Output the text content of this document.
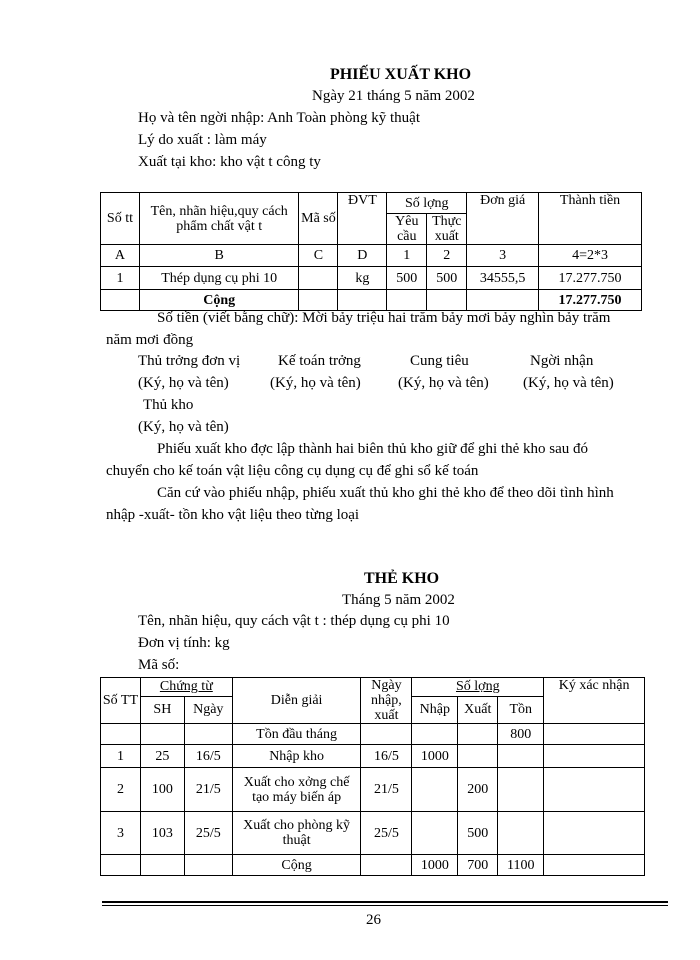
PHIẾU XUẤT KHO
Ngày 21 tháng 5 năm 2002
Họ và tên ngời nhập: Anh Toàn phòng kỹ thuật
Lý do xuất : làm máy
Xuất tại kho: kho vật t công ty
Số tt	Tên, nhãn hiệu,quy cách phẩm chất vật t	Mã số	ĐVT	Số lợng		Đơn giá	Thành tiền
				Yêu cầu	Thực xuất		
A	B	C	D	1	2	3	4=2*3
1	Thép dụng cụ phi 10		kg	500	500	34555,5	17.277.750
	Cộng						17.277.750
Số tiền (viết bằng chữ): Mời bảy triệu hai trăm bảy mơi bảy nghìn bảy trăm
năm mơi đồng
Thủ trởng đơn vị	Kế toán trởng	Cung tiêu	Ngời nhận
(Ký, họ và tên)	(Ký, họ và tên) (Ký, họ và tên) (Ký, họ và tên)
Thủ kho
(Ký, họ và tên)
Phiếu xuất kho đợc lập thành hai biên thủ kho giữ để ghi thẻ kho sau đó
chuyển cho kế toán vật liệu công cụ dụng cụ để ghi sổ kế toán
Căn cứ vào phiếu nhập, phiếu xuất thủ kho ghi thẻ kho để theo dõi tình hình
nhập -xuất- tồn kho vật liệu theo từng loại
THẺ KHO
Tháng 5 năm 2002
Tên, nhãn hiệu, quy cách vật t : thép dụng cụ phi 10
Đơn vị tính: kg
Mã số:
Số TT	Chứng từ		Diễn giải	Ngày nhập, xuất	Số lợng			Ký xác nhận
	SH	Ngày			Nhập	Xuất	Tồn	
			Tồn đầu tháng				800	
1	25	16/5	Nhập kho	16/5	1000			
2	100	21/5	Xuất cho xởng chế tạo máy biến áp	21/5		200		
3	103	25/5	Xuất cho phòng kỹ thuật	25/5		500		
			Cộng		1000	700	1100	
26
